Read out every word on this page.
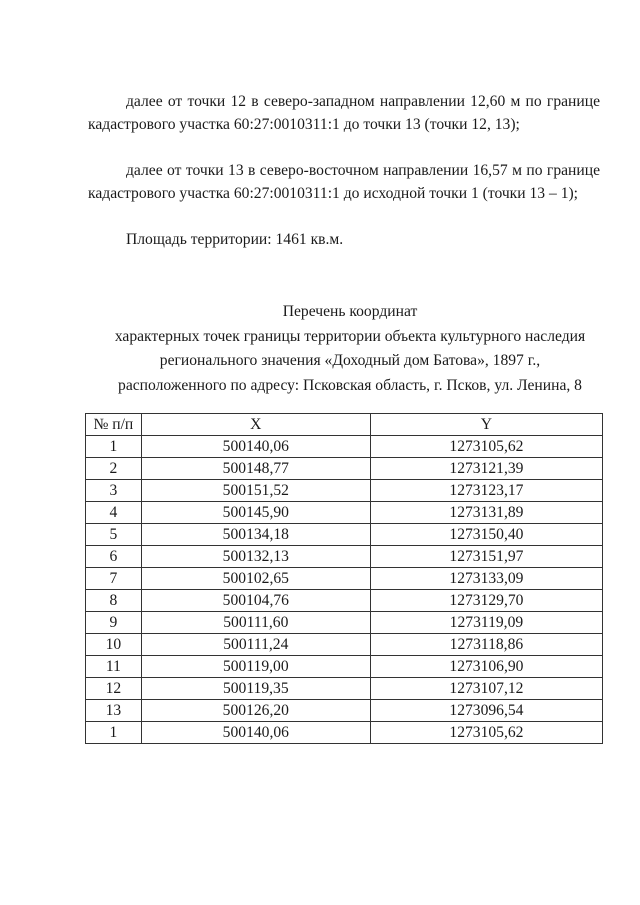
далее от точки 12 в северо-западном направлении 12,60 м по границе кадастрового участка 60:27:0010311:1 до точки 13 (точки 12, 13);

далее от точки 13 в северо-восточном направлении 16,57 м по границе кадастрового участка 60:27:0010311:1 до исходной точки 1 (точки 13 – 1);

Площадь территории: 1461 кв.м.

Перечень координат
характерных точек границы территории объекта культурного наследия
регионального значения «Доходный дом Батова», 1897 г.,
расположенного по адресу: Псковская область, г. Псков, ул. Ленина, 8
№ п/п	X	Y
1	500140,06	1273105,62
2	500148,77	1273121,39
3	500151,52	1273123,17
4	500145,90	1273131,89
5	500134,18	1273150,40
6	500132,13	1273151,97
7	500102,65	1273133,09
8	500104,76	1273129,70
9	500111,60	1273119,09
10	500111,24	1273118,86
11	500119,00	1273106,90
12	500119,35	1273107,12
13	500126,20	1273096,54
1	500140,06	1273105,62
